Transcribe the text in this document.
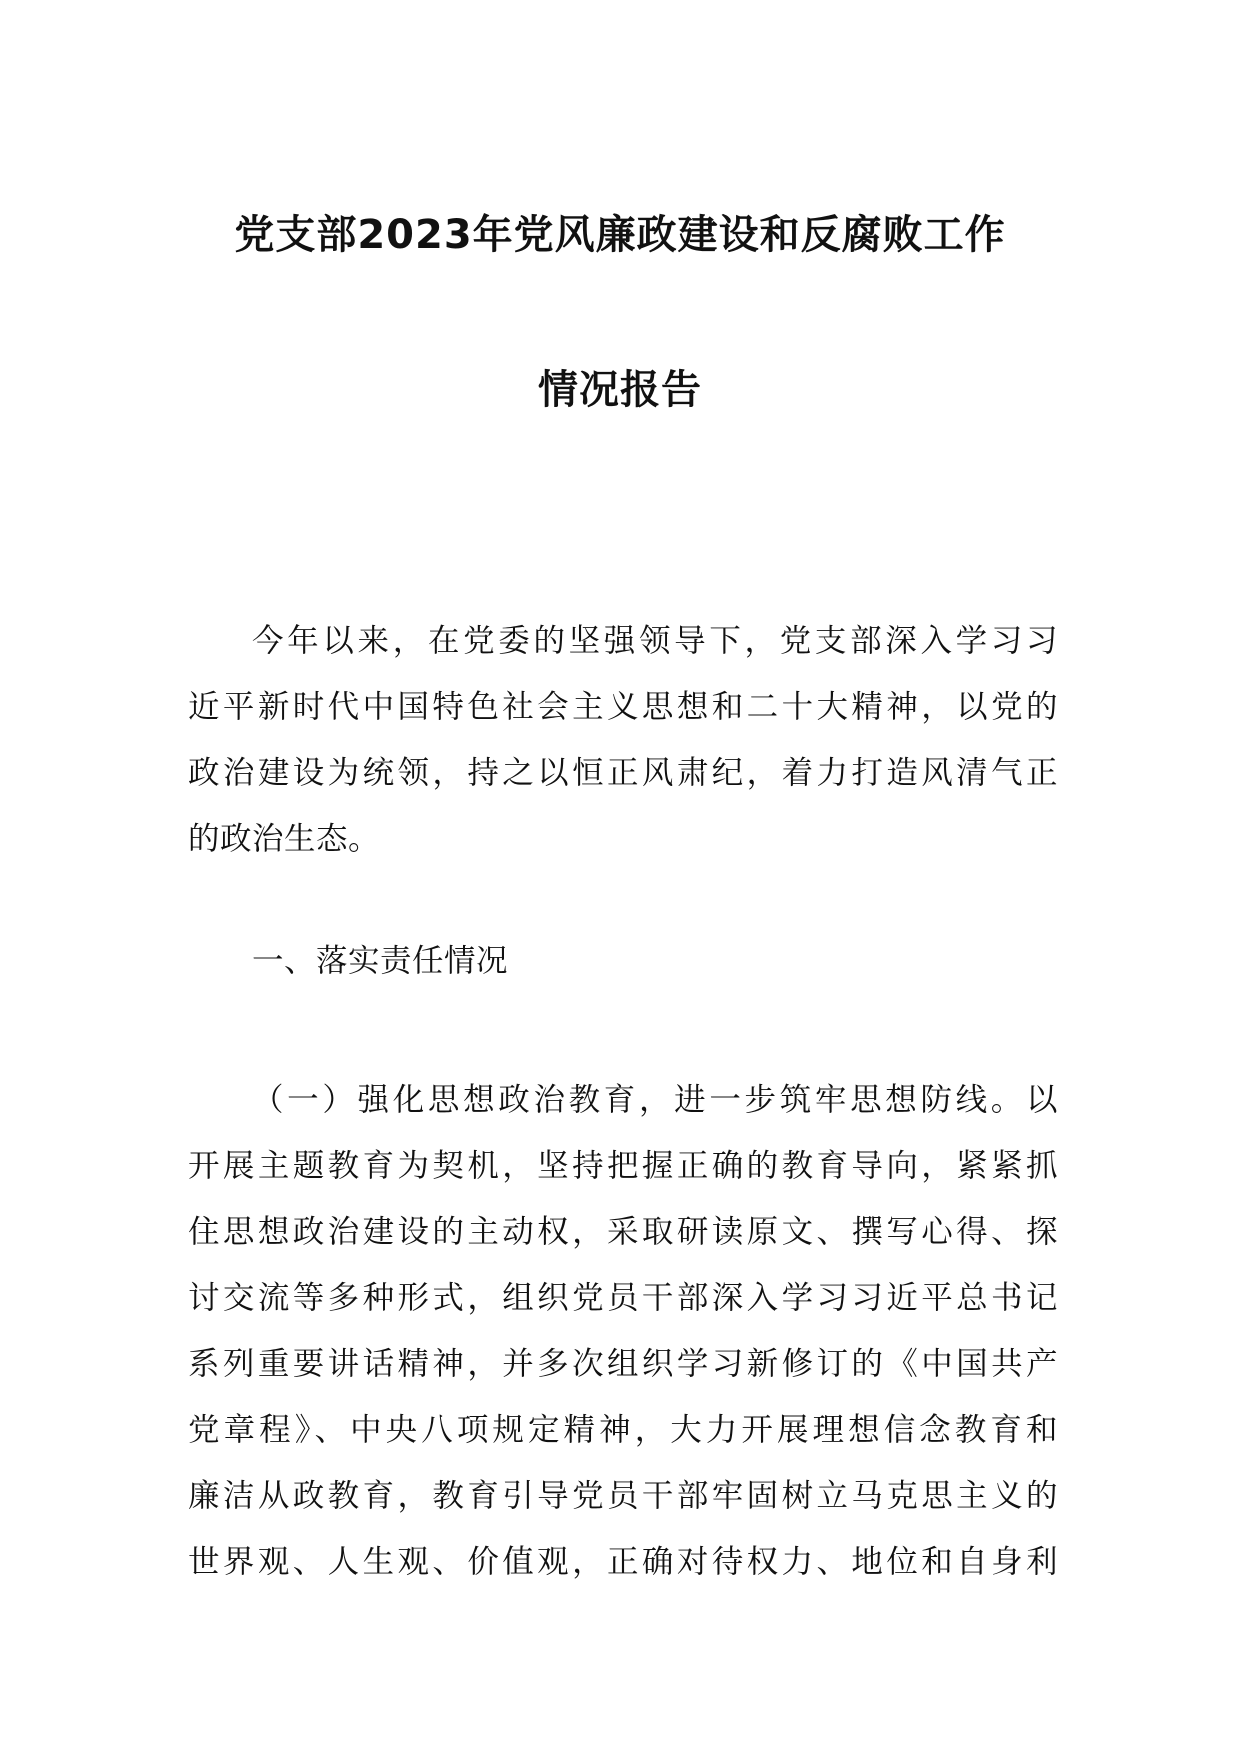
党支部2023年党风廉政建设和反腐败工作
情况报告
今年以来，在党委的坚强领导下，党支部深入学习习
近平新时代中国特色社会主义思想和二十大精神，以党的
政治建设为统领，持之以恒正风肃纪，着力打造风清气正
的政治生态。
一、落实责任情况
（一）强化思想政治教育，进一步筑牢思想防线。以
开展主题教育为契机，坚持把握正确的教育导向，紧紧抓
住思想政治建设的主动权，采取研读原文、撰写心得、探
讨交流等多种形式，组织党员干部深入学习习近平总书记
系列重要讲话精神，并多次组织学习新修订的《中国共产
党章程》、中央八项规定精神，大力开展理想信念教育和
廉洁从政教育，教育引导党员干部牢固树立马克思主义的
世界观、人生观、价值观，正确对待权力、地位和自身利
